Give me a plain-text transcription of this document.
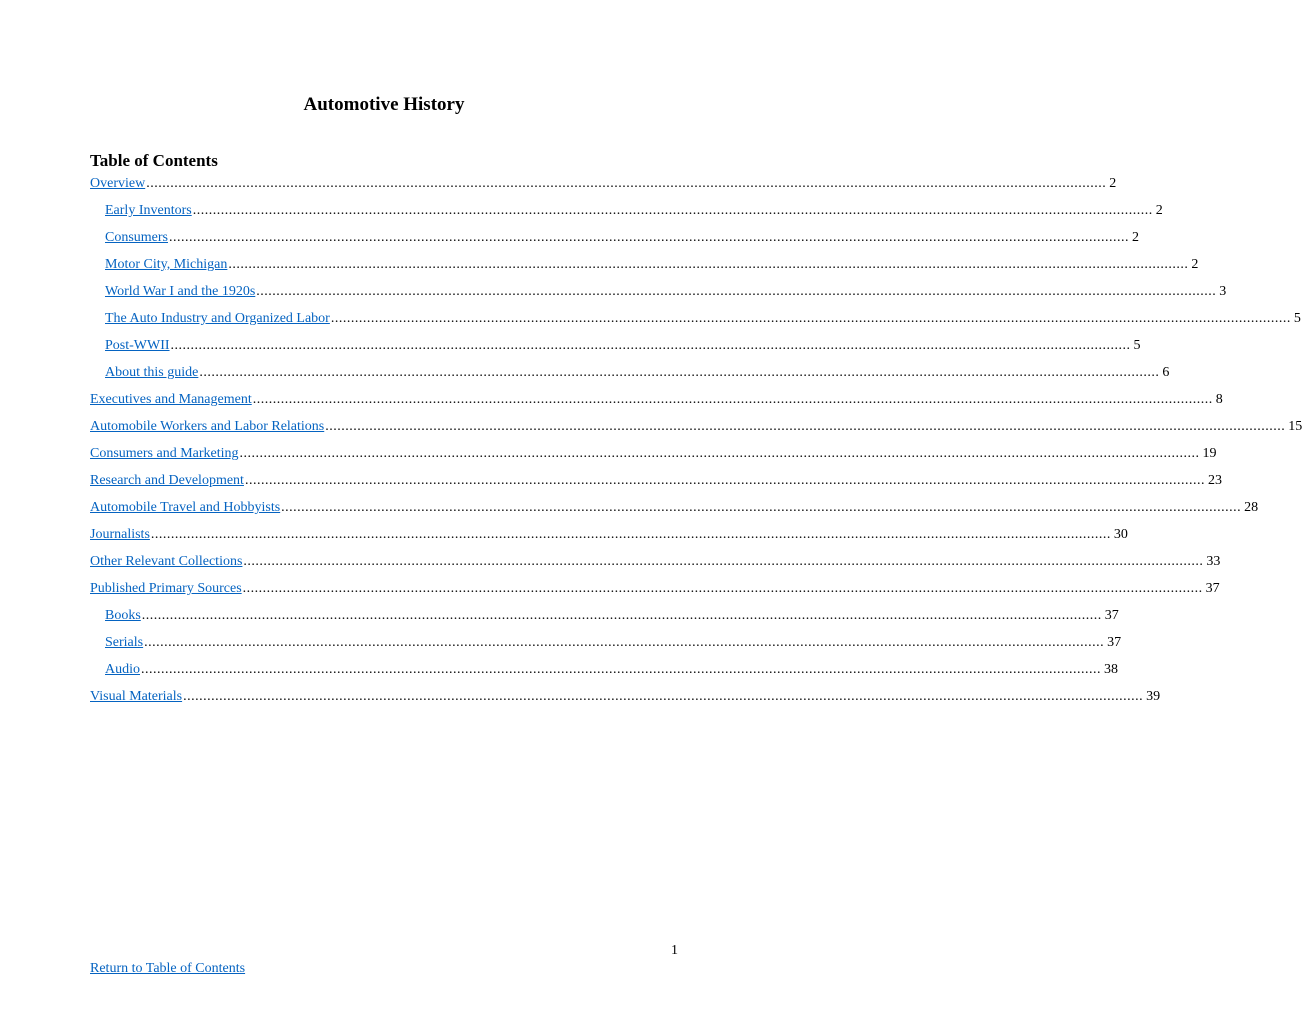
Automotive History
Table of Contents
Overview ................................................................................................................................................................................................................................................ 2
Early Inventors ................................................................................................................................................................................................................................................ 2
Consumers ................................................................................................................................................................................................................................................ 2
Motor City, Michigan ................................................................................................................................................................................................................................................ 2
World War I and the 1920s ................................................................................................................................................................................................................................................ 3
The Auto Industry and Organized Labor ................................................................................................................................................................................................................................................ 5
Post-WWII ................................................................................................................................................................................................................................................ 5
About this guide ................................................................................................................................................................................................................................................ 6
Executives and Management ................................................................................................................................................................................................................................................ 8
Automobile Workers and Labor Relations ................................................................................................................................................................................................................................................ 15
Consumers and Marketing ................................................................................................................................................................................................................................................ 19
Research and Development ................................................................................................................................................................................................................................................ 23
Automobile Travel and Hobbyists ................................................................................................................................................................................................................................................ 28
Journalists ................................................................................................................................................................................................................................................ 30
Other Relevant Collections ................................................................................................................................................................................................................................................ 33
Published Primary Sources ................................................................................................................................................................................................................................................ 37
Books ................................................................................................................................................................................................................................................ 37
Serials ................................................................................................................................................................................................................................................ 37
Audio ................................................................................................................................................................................................................................................ 38
Visual Materials ................................................................................................................................................................................................................................................ 39
1
Return to Table of Contents
